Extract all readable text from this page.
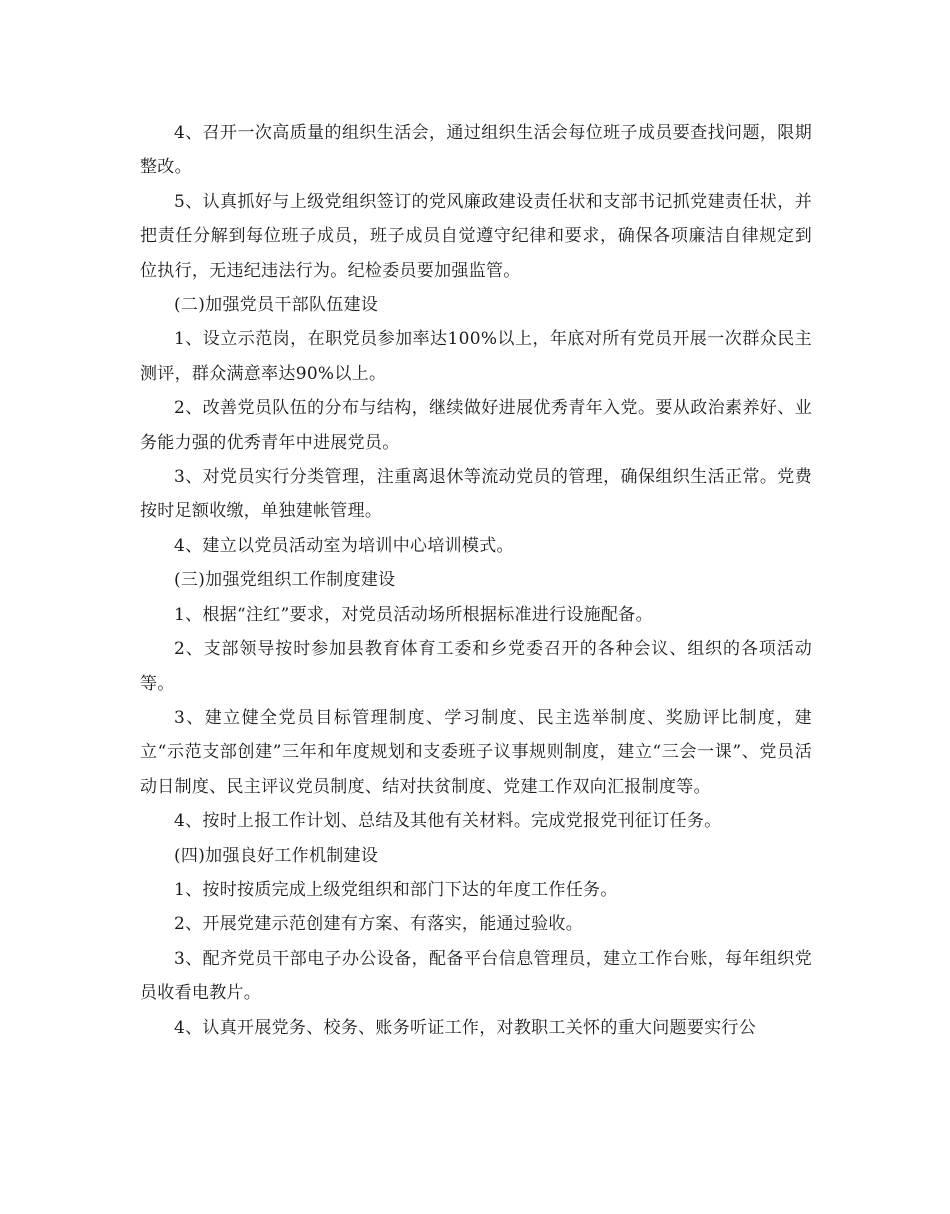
4、召开一次高质量的组织生活会，通过组织生活会每位班子成员要查找问题，限期整改。

5、认真抓好与上级党组织签订的党风廉政建设责任状和支部书记抓党建责任状，并把责任分解到每位班子成员，班子成员自觉遵守纪律和要求，确保各项廉洁自律规定到位执行，无违纪违法行为。纪检委员要加强监管。

(二)加强党员干部队伍建设

1、设立示范岗，在职党员参加率达100%以上，年底对所有党员开展一次群众民主测评，群众满意率达90%以上。

2、改善党员队伍的分布与结构，继续做好进展优秀青年入党。要从政治素养好、业务能力强的优秀青年中进展党员。

3、对党员实行分类管理，注重离退休等流动党员的管理，确保组织生活正常。党费按时足额收缴，单独建帐管理。

4、建立以党员活动室为培训中心培训模式。

(三)加强党组织工作制度建设

1、根据“注红”要求，对党员活动场所根据标准进行设施配备。

2、支部领导按时参加县教育体育工委和乡党委召开的各种会议、组织的各项活动等。

3、建立健全党员目标管理制度、学习制度、民主选举制度、奖励评比制度，建立“示范支部创建”三年和年度规划和支委班子议事规则制度，建立“三会一课”、党员活动日制度、民主评议党员制度、结对扶贫制度、党建工作双向汇报制度等。

4、按时上报工作计划、总结及其他有关材料。完成党报党刊征订任务。

(四)加强良好工作机制建设

1、按时按质完成上级党组织和部门下达的年度工作任务。

2、开展党建示范创建有方案、有落实，能通过验收。

3、配齐党员干部电子办公设备，配备平台信息管理员，建立工作台账，每年组织党员收看电教片。

4、认真开展党务、校务、账务听证工作，对教职工关怀的重大问题要实行公
